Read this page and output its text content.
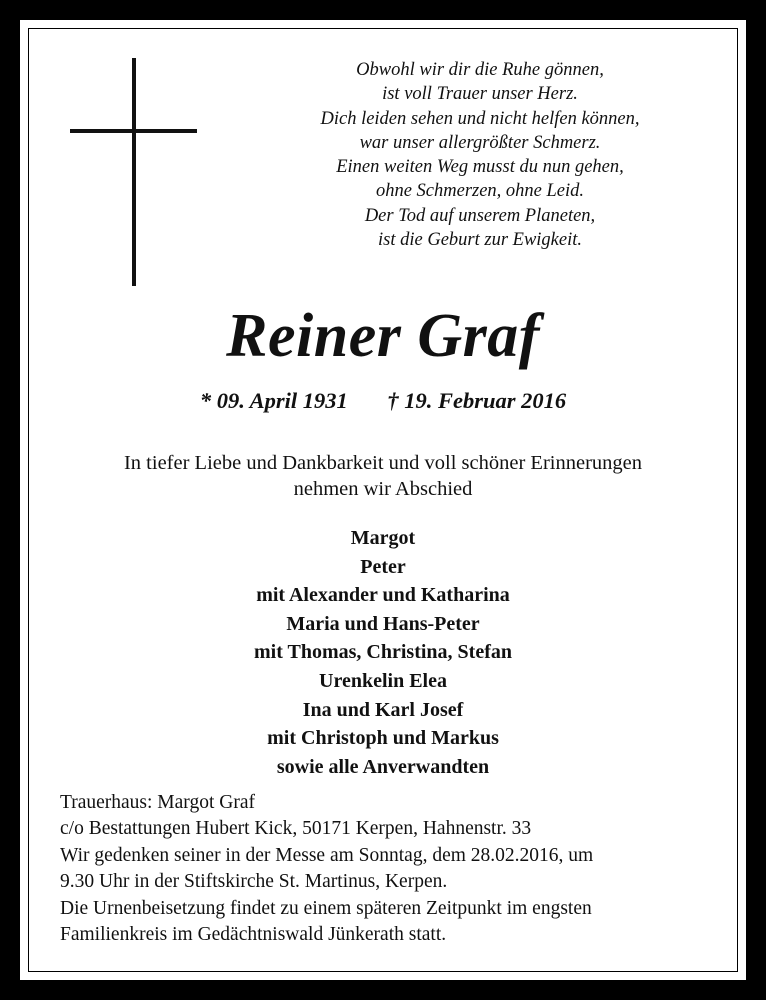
Obwohl wir dir die Ruhe gönnen,
ist voll Trauer unser Herz.
Dich leiden sehen und nicht helfen können,
war unser allergrößter Schmerz.
Einen weiten Weg musst du nun gehen,
ohne Schmerzen, ohne Leid.
Der Tod auf unserem Planeten,
ist die Geburt zur Ewigkeit.
Reiner Graf
* 09. April 1931 † 19. Februar 2016
In tiefer Liebe und Dankbarkeit und voll schöner Erinnerungen
nehmen wir Abschied
Margot
Peter
mit Alexander und Katharina
Maria und Hans-Peter
mit Thomas, Christina, Stefan
Urenkelin Elea
Ina und Karl Josef
mit Christoph und Markus
sowie alle Anverwandten
Trauerhaus: Margot Graf
c/o Bestattungen Hubert Kick, 50171 Kerpen, Hahnenstr. 33
Wir gedenken seiner in der Messe am Sonntag, dem 28.02.2016, um
9.30 Uhr in der Stiftskirche St. Martinus, Kerpen.
Die Urnenbeisetzung findet zu einem späteren Zeitpunkt im engsten
Familienkreis im Gedächtniswald Jünkerath statt.
